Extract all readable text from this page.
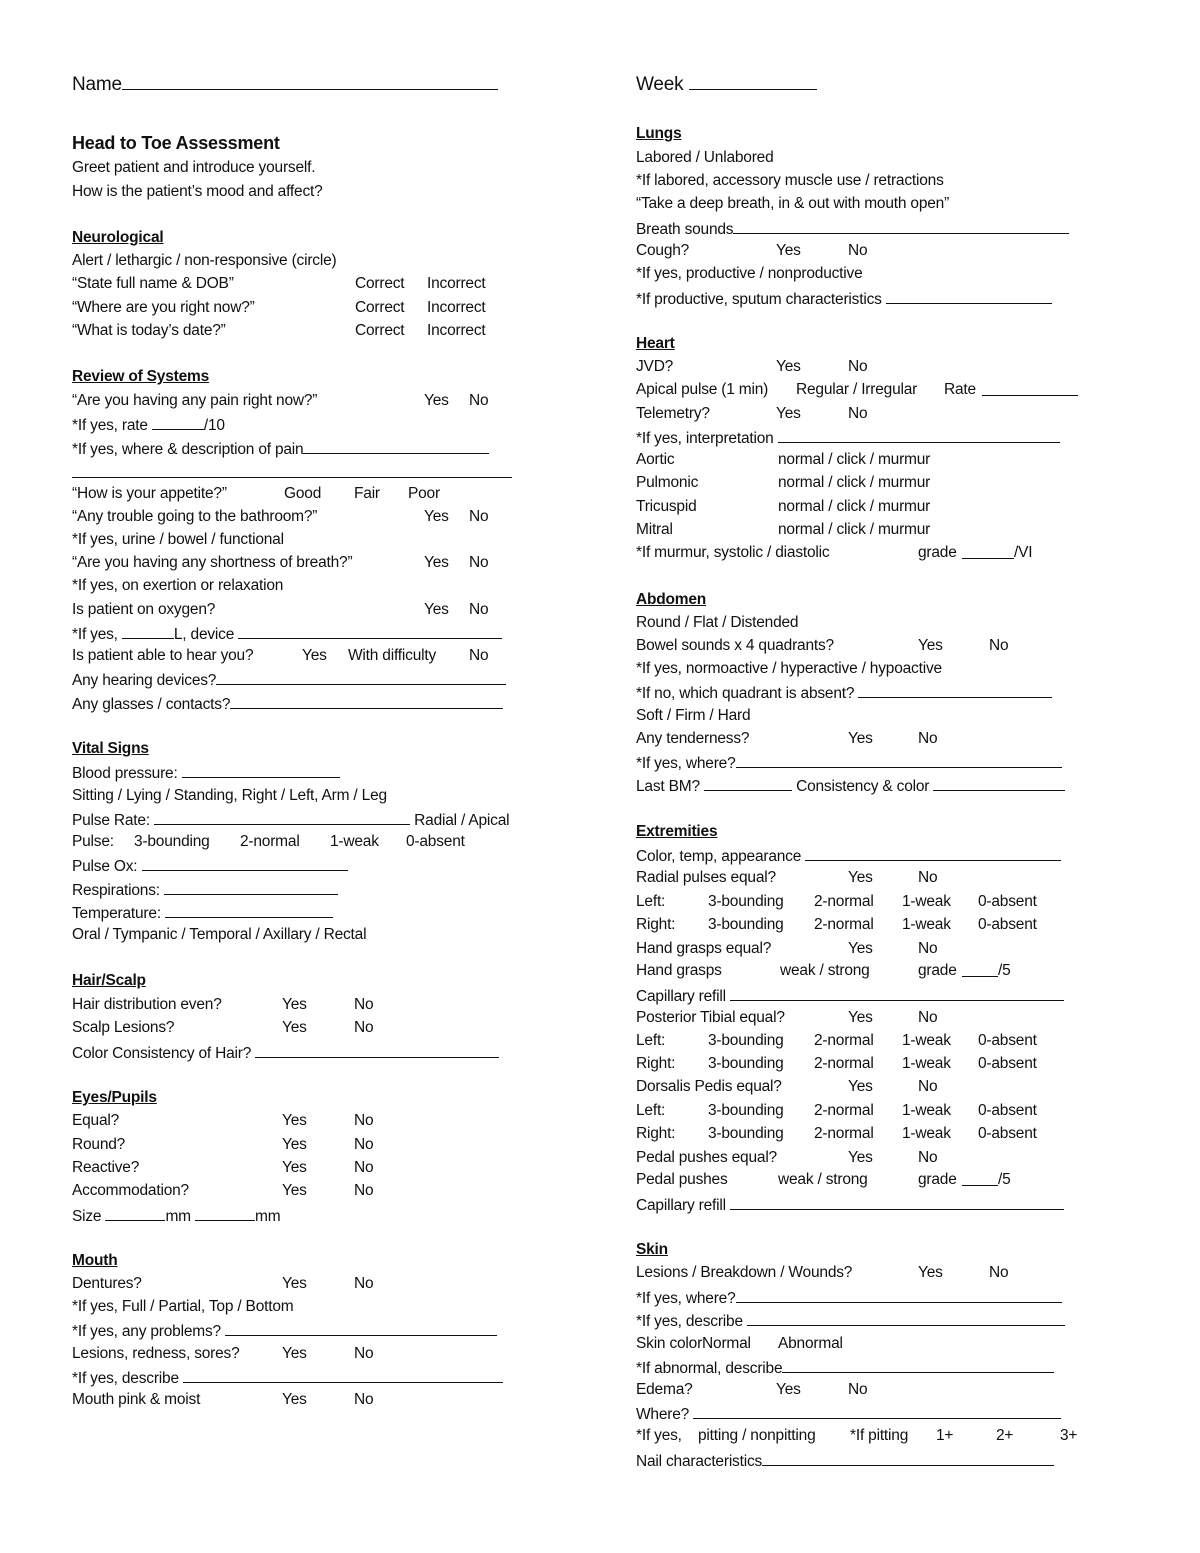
Name
Head to Toe Assessment
Greet patient and introduce yourself.
How is the patient’s mood and affect?
Neurological
Alert / lethargic / non-responsive (circle)
“State full name & DOB”	Correct Incorrect
“Where are you right now?”	Correct Incorrect
“What is today’s date?”	Correct Incorrect
Review of Systems
“Are you having any pain right now?”	Yes No
*If yes, rate	/10
*If yes, where & description of pain
“How is your appetite?”	Good Fair Poor
“Any trouble going to the bathroom?”	Yes No
*If yes, urine / bowel / functional
“Are you having any shortness of breath?”	Yes No
*If yes, on exertion or relaxation
Is patient on oxygen?	Yes No
*If yes,	L, device
Is patient able to hear you?	Yes With difficulty No
Any hearing devices?
Any glasses / contacts?
Vital Signs
Blood pressure:
Sitting / Lying / Standing, Right / Left, Arm / Leg
Pulse Rate:	Radial / Apical
Pulse: 3-bounding 2-normal 1-weak 0-absent
Pulse Ox:
Respirations:
Temperature:
Oral / Tympanic / Temporal / Axillary / Rectal
Hair/Scalp
Hair distribution even?	Yes	No
Scalp Lesions?	Yes	No
Color Consistency of Hair?
Eyes/Pupils
Equal?	Yes	No
Round?	Yes	No
Reactive?	Yes	No
Accommodation?	Yes	No
Size	mm	mm
Mouth
Dentures?	Yes	No
*If yes, Full / Partial, Top / Bottom
*If yes, any problems?
Lesions, redness, sores?	Yes	No
*If yes, describe
Mouth pink & moist	Yes	No
Week
Lungs
Labored / Unlabored
*If labored, accessory muscle use / retractions
“Take a deep breath, in & out with mouth open”
Breath sounds
Cough?	Yes	No
*If yes, productive / nonproductive
*If productive, sputum characteristics
Heart
JVD?	Yes	No
Apical pulse (1 min) Regular / Irregular Rate
Telemetry?	Yes	No
*If yes, interpretation
Aortic	normal / click / murmur
Pulmonic	normal / click / murmur
Tricuspid	normal / click / murmur
Mitral	normal / click / murmur
*If murmur, systolic / diastolic	grade	/VI
Abdomen
Round / Flat / Distended
Bowel sounds x 4 quadrants?	Yes	No
*If yes, normoactive / hyperactive / hypoactive
*If no, which quadrant is absent?
Soft / Firm / Hard
Any tenderness?	Yes	No
*If yes, where?
Last BM?	Consistency & color
Extremities
Color, temp, appearance
Radial pulses equal?	Yes	No
Left:	3-bounding 2-normal 1-weak 0-absent
Right: 3-bounding 2-normal 1-weak 0-absent
Hand grasps equal?	Yes	No
Hand grasps	weak / strong	grade	/5
Capillary refill
Posterior Tibial equal?	Yes	No
Left:	3-bounding 2-normal 1-weak 0-absent
Right: 3-bounding 2-normal 1-weak 0-absent
Dorsalis Pedis equal?	Yes	No
Left:	3-bounding 2-normal 1-weak 0-absent
Right: 3-bounding 2-normal 1-weak 0-absent
Pedal pushes equal?	Yes	No
Pedal pushes	weak / strong	grade	/5
Capillary refill
Skin
Lesions / Breakdown / Wounds?	Yes	No
*If yes, where?
*If yes, describe
Skin colorNormal Abnormal
*If abnormal, describe
Edema?	Yes	No
Where?
*If yes, pitting / nonpitting *If pitting 1+	2+	3+
Nail characteristics
